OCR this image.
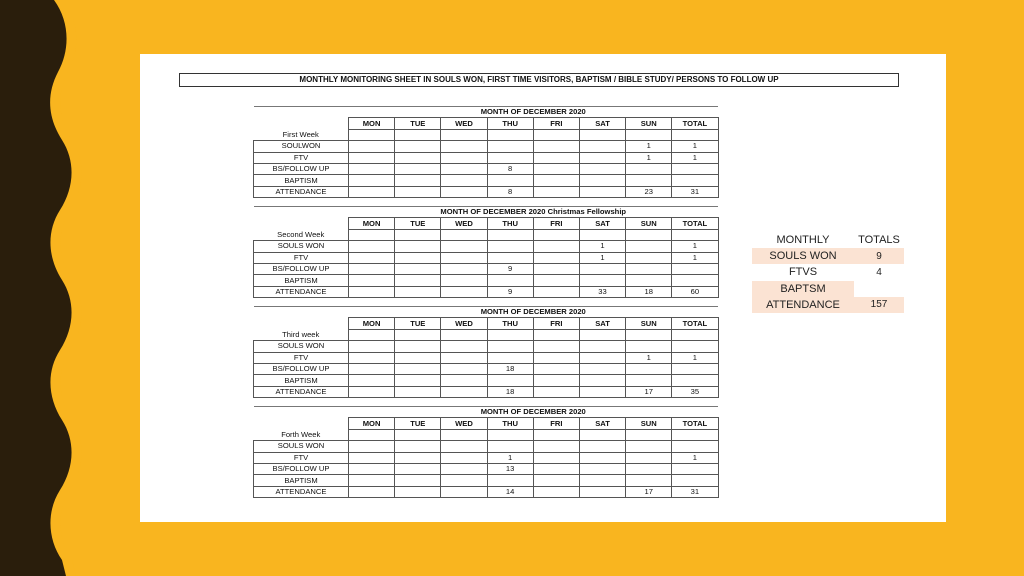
MONTHLY MONITORING SHEET IN SOULS WON, FIRST TIME VISITORS, BAPTISM / BIBLE STUDY/ PERSONS TO FOLLOW UP
	MONTH OF DECEMBER 2020							
	MON	TUE	WED	THU	FRI	SAT	SUN	TOTAL
First Week								
SOULWON							1	1
FTV							1	1
BS/FOLLOW UP				8				
BAPTISM								
ATTENDANCE				8			23	31
	MONTH OF DECEMBER 2020 Christmas Fellowship							
	MON	TUE	WED	THU	FRI	SAT	SUN	TOTAL
Second Week								
SOULS WON						1		1
FTV						1		1
BS/FOLLOW UP				9				
BAPTISM								
ATTENDANCE				9		33	18	60
	MONTH OF DECEMBER 2020							
	MON	TUE	WED	THU	FRI	SAT	SUN	TOTAL
Third week								
SOULS WON								
FTV							1	1
BS/FOLLOW UP				18				
BAPTISM								
ATTENDANCE				18			17	35
	MONTH OF DECEMBER 2020							
	MON	TUE	WED	THU	FRI	SAT	SUN	TOTAL
Forth Week								
SOULS WON								
FTV				1				1
BS/FOLLOW UP				13				
BAPTISM								
ATTENDANCE				14			17	31
MONTHLY	TOTALS
SOULS WON	9
FTVS	4
BAPTSM	
ATTENDANCE	157
